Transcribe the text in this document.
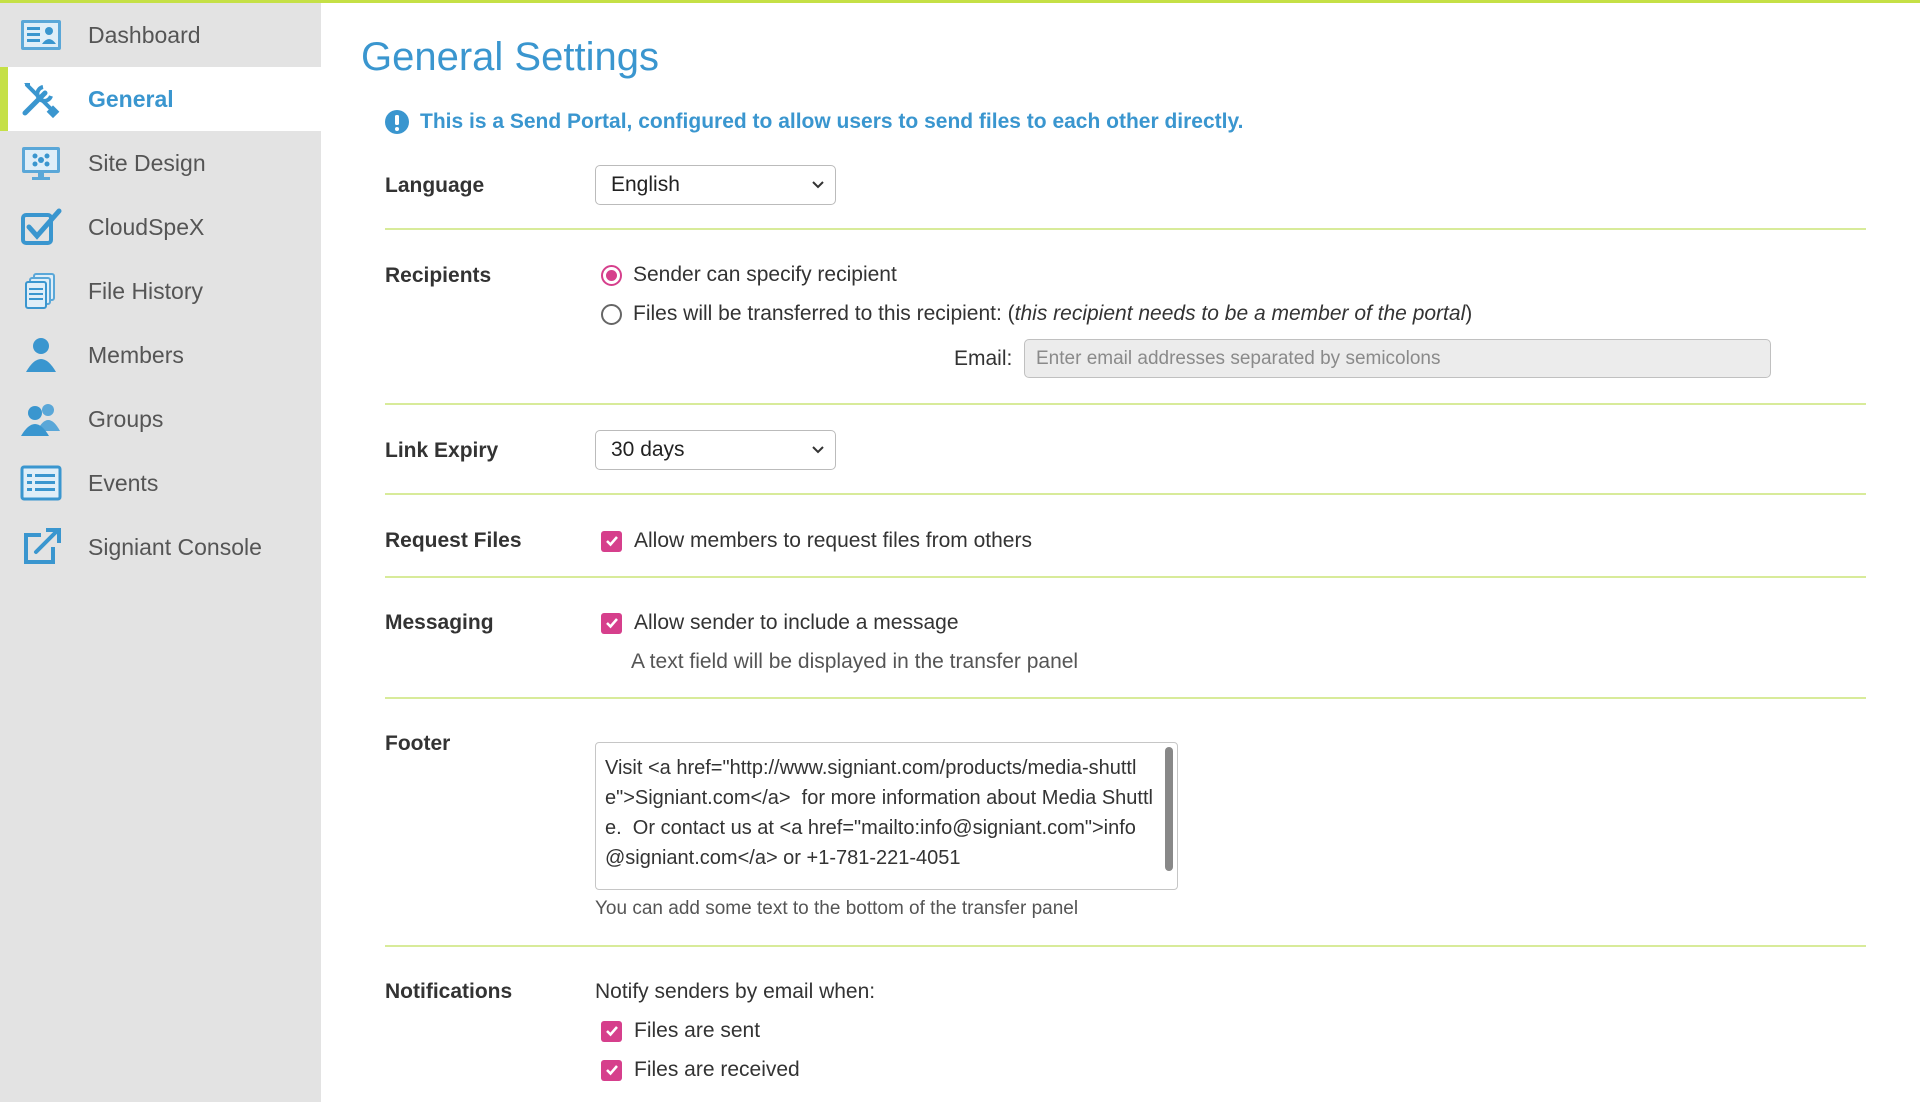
Dashboard
General
Site Design
CloudSpeX
File History
Members
Groups
Events
Signiant Console
General Settings
This is a Send Portal, configured to allow users to send files to each other directly.
Language	English
Recipients	Sender can specify recipient
Files will be transferred to this recipient: ( this recipient needs to be a member of the portal )
Email:
Enter email addresses separated by semicolons
Link Expiry	30 days
Request Files	Allow members to request files from others
Messaging	Allow sender to include a message
A text field will be displayed in the transfer panel
Footer
Visit <a href="http://www.signiant.com/products/media-shuttle">Signiant.com</a>  for more information about Media Shuttle.  Or contact us at <a href="mailto:info@signiant.com">info@signiant.com</a> or +1-781-221-4051
You can add some text to the bottom of the transfer panel
Notifications	Notify senders by email when:
Files are sent
Files are received
